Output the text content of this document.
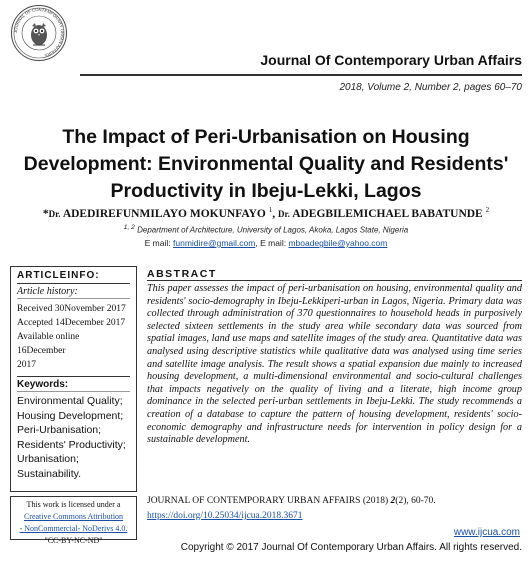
JOURNAL OF CONTEMPORARY URBAN AFFAIRS	Journal Of Contemporary Urban Affairs
2018, Volume 2, Number 2, pages 60–70
The Impact of Peri-Urbanisation on Housing
Development: Environmental Quality and Residents'
Productivity in Ibeju-Lekki, Lagos
*Dr. ADEDIREFUNMILAYO MOKUNFAYO $^1$, Dr. ADEGBILEMICHAEL BABATUNDE $^2$
$^{1, 2}$ Department of Architecture, University of Lagos, Akoka, Lagos State, Nigeria
E mail: funmidire@gmail.com, E mail: mboadegbile@yahoo.com
ARTICLEINFO:
Article history:
Received 30November 2017
Accepted 14December 2017
Available online 16December
2017
Keywords:
Environmental Quality;
Housing Development;
Peri-Urbanisation;
Residents' Productivity;
Urbanisation;
Sustainability.
This work is licensed under a
Creative Commons Attribution
- NonCommercial- NoDerivs 4.0.
"CC-BY-NC-ND"
ABSTRACT
This paper assesses the impact of peri-urbanisation on housing, environmental quality and residents' socio-demography in Ibeju-Lekkiperi-urban in Lagos, Nigeria. Primary data was collected through administration of 370 questionnaires to household heads in purposively selected sixteen settlements in the study area while secondary data was sourced from spatial images, land use maps and satellite images of the study area. Quantitative data was analysed using descriptive statistics while qualitative data was analysed using time series and satellite image analysis. The result shows a spatial expansion due mainly to increased housing development, a multi-dimensional environmental and socio-cultural challenges that impacts negatively on the quality of living and a literate, high income group dominance in the selected peri-urban settlements in Ibeju-Lekki. The study recommends a creation of a database to capture the pattern of housing development, residents' socio-economic demography and infrastructure needs for intervention in policy design for a sustainable development.
JOURNAL OF CONTEMPORARY URBAN AFFAIRS (2018) 2(2), 60-70.
https://doi.org/10.25034/ijcua.2018.3671
www.ijcua.com
Copyright © 2017 Journal Of Contemporary Urban Affairs. All rights reserved.
